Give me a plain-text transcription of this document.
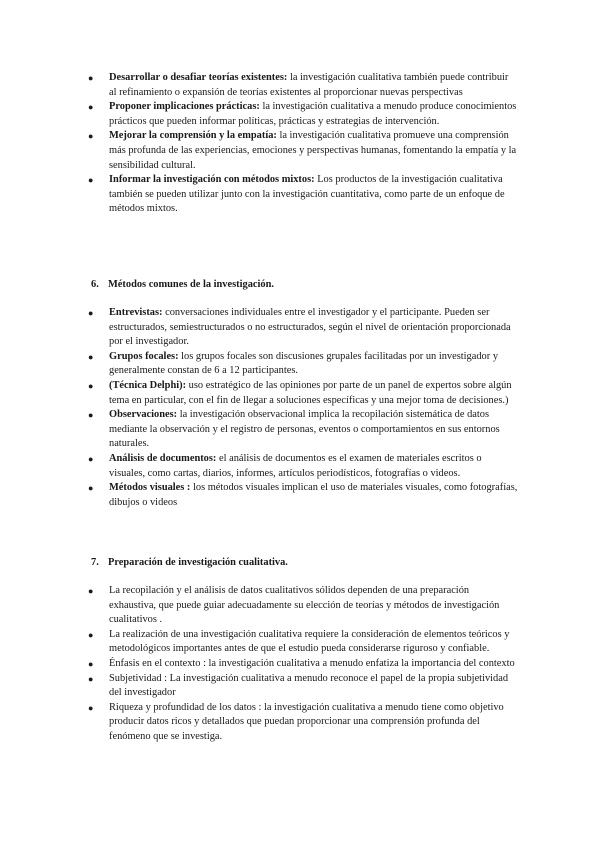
● Desarrollar o desafiar teorías existentes: la investigación cualitativa también puede contribuir al refinamiento o expansión de teorías existentes al proporcionar nuevas perspectivas
● Proponer implicaciones prácticas: la investigación cualitativa a menudo produce conocimientos prácticos que pueden informar políticas, prácticas y estrategias de intervención.
● Mejorar la comprensión y la empatía: la investigación cualitativa promueve una comprensión más profunda de las experiencias, emociones y perspectivas humanas, fomentando la empatía y la sensibilidad cultural.
● Informar la investigación con métodos mixtos: Los productos de la investigación cualitativa también se pueden utilizar junto con la investigación cuantitativa, como parte de un enfoque de métodos mixtos.
6. Métodos comunes de la investigación.
● Entrevistas: conversaciones individuales entre el investigador y el participante. Pueden ser estructurados, semiestructurados o no estructurados, según el nivel de orientación proporcionada por el investigador.
● Grupos focales: los grupos focales son discusiones grupales facilitadas por un investigador y generalmente constan de 6 a 12 participantes.
● (Técnica Delphi): uso estratégico de las opiniones por parte de un panel de expertos sobre algún tema en particular, con el fin de llegar a soluciones específicas y una mejor toma de decisiones.)
● Observaciones: la investigación observacional implica la recopilación sistemática de datos mediante la observación y el registro de personas, eventos o comportamientos en sus entornos naturales.
● Análisis de documentos: el análisis de documentos es el examen de materiales escritos o visuales, como cartas, diarios, informes, artículos periodísticos, fotografías o videos.
● Métodos visuales : los métodos visuales implican el uso de materiales visuales, como fotografías, dibujos o videos
7. Preparación de investigación cualitativa.
● La recopilación y el análisis de datos cualitativos sólidos dependen de una preparación exhaustiva, que puede guiar adecuadamente su elección de teorías y métodos de investigación cualitativos .
● La realización de una investigación cualitativa requiere la consideración de elementos teóricos y metodológicos importantes antes de que el estudio pueda considerarse riguroso y confiable.
● Énfasis en el contexto : la investigación cualitativa a menudo enfatiza la importancia del contexto
● Subjetividad : La investigación cualitativa a menudo reconoce el papel de la propia subjetividad del investigador
● Riqueza y profundidad de los datos : la investigación cualitativa a menudo tiene como objetivo producir datos ricos y detallados que puedan proporcionar una comprensión profunda del fenómeno que se investiga.
